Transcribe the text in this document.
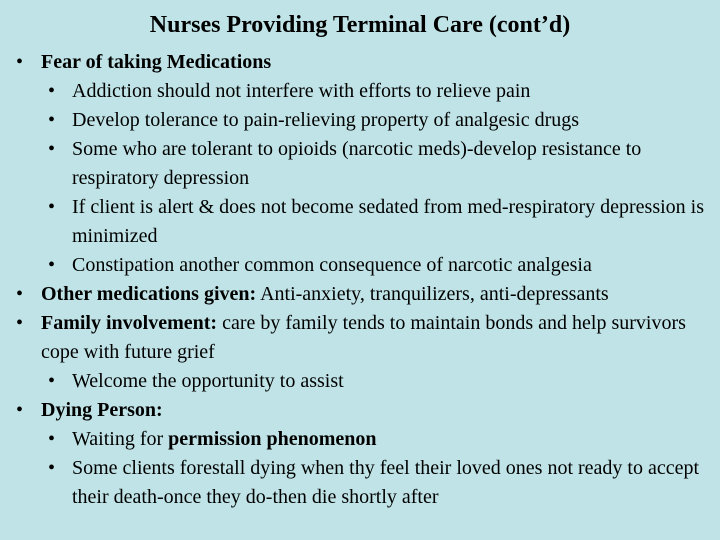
Nurses Providing Terminal Care (cont’d)
• Fear of taking Medications
• Addiction should not interfere with efforts to relieve pain
• Develop tolerance to pain-relieving property of analgesic drugs
• Some who are tolerant to opioids (narcotic meds)-develop resistance to respiratory depression
• If client is alert & does not become sedated from med-respiratory depression is minimized
• Constipation another common consequence of narcotic analgesia
• Other medications given: Anti-anxiety, tranquilizers, anti-depressants
• Family involvement: care by family tends to maintain bonds and help survivors cope with future grief
• Welcome the opportunity to assist
• Dying Person:
• Waiting for permission phenomenon
• Some clients forestall dying when thy feel their loved ones not ready to accept their death-once they do-then die shortly after
